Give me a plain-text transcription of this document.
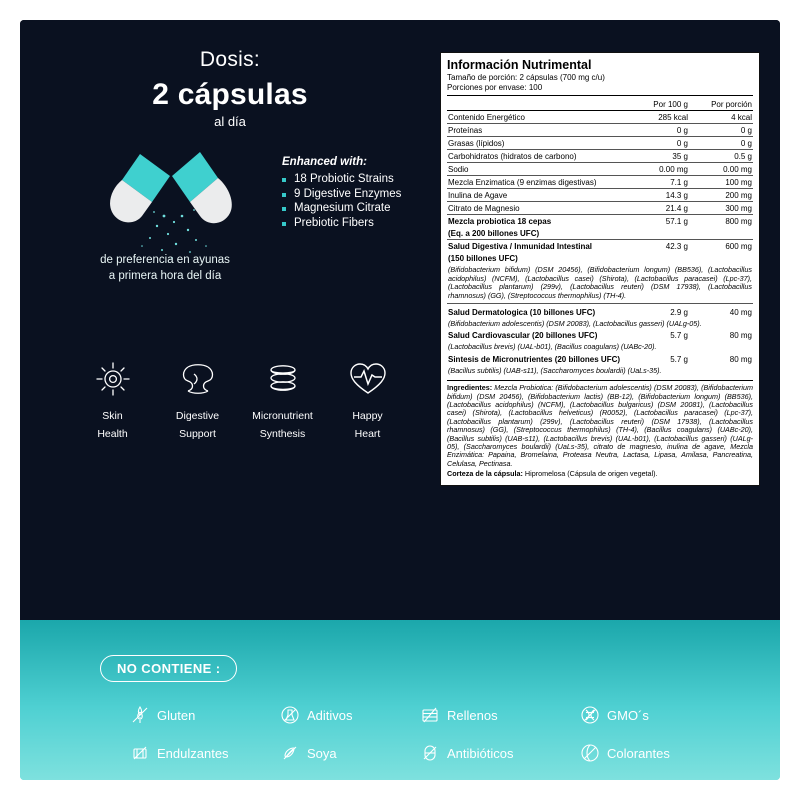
Dosis:
2 cápsulas
al día
de preferencia en ayunas
a primera hora del día
Enhanced with:
18 Probiotic Strains
9 Digestive Enzymes
Magnesium Citrate
Prebiotic Fibers
Skin
Health
Digestive
Support
Micronutrient
Synthesis
Happy
Heart
Información Nutrimental

Tamaño de porción: 2 cápsulas (700 mg c/u)

Porciones por envase: 100

	Por 100 g	Por porción
Contenido Energético	285 kcal	4 kcal
Proteínas	0 g	0 g
Grasas (lípidos)	0 g	0 g
Carbohidratos (hidratos de carbono)	35 g	0.5 g
Sodio	0.00 mg	0.00 mg
Mezcla Enzimatica (9 enzimas digestivas)	7.1 g	100 mg
Inulina de Agave	14.3 g	200 mg
Citrato de Magnesio	21.4 g	300 mg
Mezcla probiotica 18 cepas	57.1 g	800 mg
(Eq. a 200 billones UFC)		
Salud Digestiva / Inmunidad Intestinal	42.3 g	600 mg
(150 billones UFC)		
(Bifidobacterium bifidum) (DSM 20456), (Bifidobacterium longum) (BB536), (Lactobacillus acidophilus) (NCFM), (Lactobacillus casei) (Shirota), (Lactobacillus paracasei) (Lpc-37), (Lactobacillus plantarum) (299v), (Lactobacillus reuteri) (DSM 17938), (Lactobacillus rhamnosus) (GG), (Streptococcus thermophilus) (TH-4).
Salud Dermatologica (10 billones UFC)	2.9 g	40 mg
(Bifidobacterium adolescentis) (DSM 20083), (Lactobacillus gasseri) (UALg-05).		
Salud Cardiovascular (20 billones UFC)	5.7 g	80 mg
(Lactobacillus brevis) (UAL-b01), (Bacillus coagulans) (UABc-20).		
Sintesis de Micronutrientes (20 billones UFC)	5.7 g	80 mg
(Bacillus subtilis) (UAB-s11), (Saccharomyces boulardii) (UaLs-35).		
Ingredientes: Mezcla Probiotica: (Bifidobacterium adolescentis) (DSM 20083), (Bifidobacterium bifidum) (DSM 20456), (Bifidobacterium lactis) (BB-12), (Bifidobacterium longum) (BB536), (Lactobacillus acidophilus) (NCFM), (Lactobacillus bulgaricus) (DSM 20081), (Lactobacillus casei) (Shirota), (Lactobacillus helveticus) (R0052), (Lactobacillus paracasei) (Lpc-37), (Lactobacillus plantarum) (299v), (Lactobacillus reuteri) (DSM 17938), (Lactobacillus rhamnosus) (GG), (Streptococcus thermophilus) (TH-4), (Bacillus coagulans) (UABc-20), (Bacillus subtilis) (UAB-s11), (Lactobacillus brevis) (UAL-b01), (Lactobacillus gasseri) (UALg-05), (Saccharomyces boulardii) (UaLs-35), citrato de magnesio, inulina de agave, Mezcla Enzimática: Papaina, Bromelaina, Proteasa Neutra, Lactasa, Lipasa, Amilasa, Pancreatina, Celulasa, Pectinasa.
Corteza de la cápsula: Hipromelosa (Cápsula de origen vegetal).
NO CONTIENE :
Gluten	Aditivos	Rellenos	GMO´s
Endulzantes	Soya	Antibióticos	Colorantes
